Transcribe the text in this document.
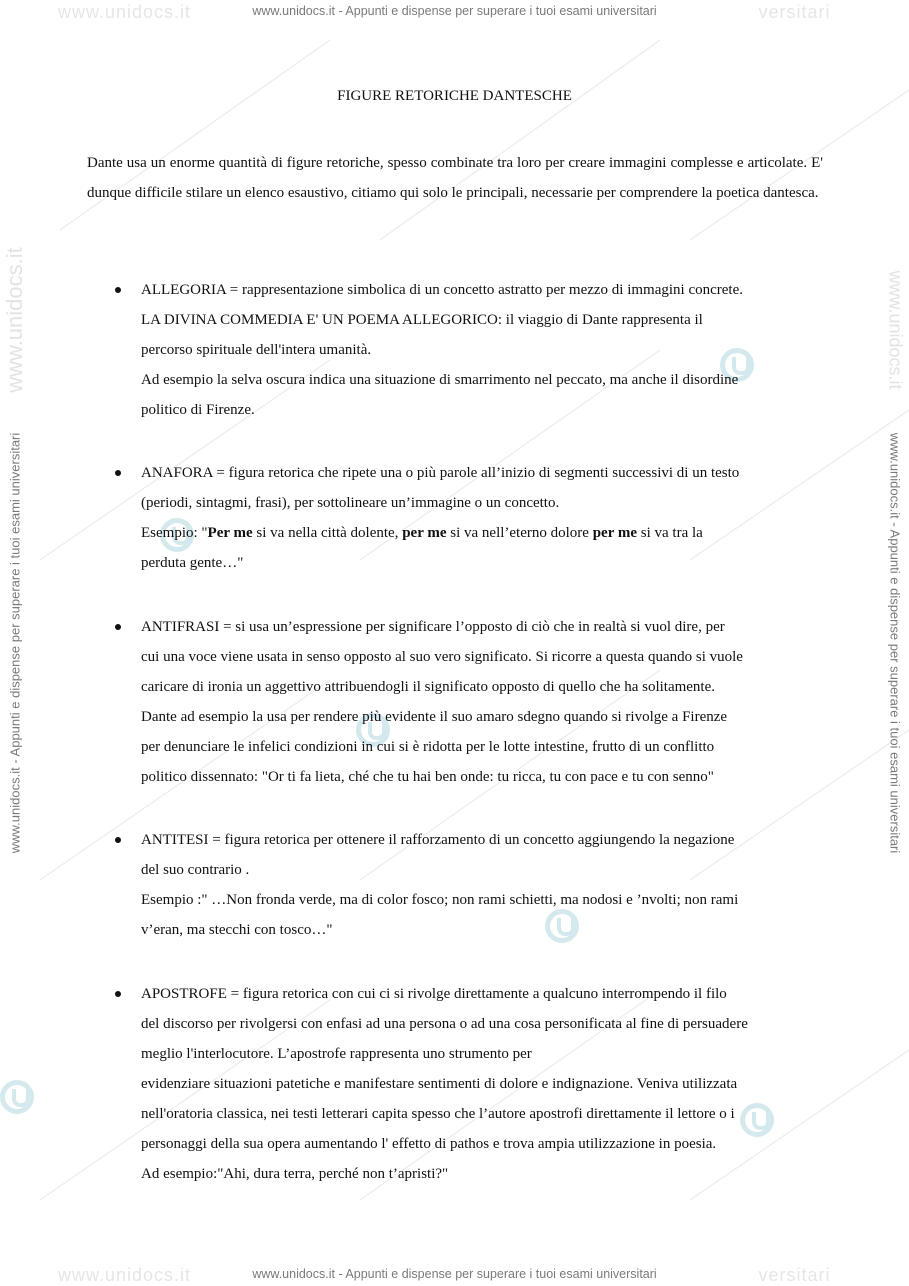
www.unidocs.it	versitari
www.unidocs.it - Appunti e dispense per superare i tuoi esami universitari
www.unidocs.it	versitari
www.unidocs.it - Appunti e dispense per superare i tuoi esami universitari
www.unidocs.it
www.unidocs.it - Appunti e dispense per superare i tuoi esami universitari
www.unidocs.it
www.unidocs.it - Appunti e dispense per superare i tuoi esami universitari
FIGURE RETORICHE DANTESCHE

Dante usa un enorme quantità di figure retoriche, spesso combinate tra loro per creare immagini complesse e articolate. E' dunque difficile stilare un elenco esaustivo, citiamo qui solo le principali, necessarie per comprendere la poetica dantesca.

ALLEGORIA = rappresentazione simbolica di un concetto astratto per mezzo di immagini concrete.

LA DIVINA COMMEDIA E' UN POEMA ALLEGORICO: il viaggio di Dante rappresenta il

percorso spirituale dell'intera umanità.

Ad esempio la selva oscura indica una situazione di smarrimento nel peccato, ma anche il disordine

politico di Firenze.

ANAFORA = figura retorica che ripete una o più parole all’inizio di segmenti successivi di un testo

(periodi, sintagmi, frasi), per sottolineare un’immagine o un concetto.

Esempio: "Per me si va nella città dolente, per me si va nell’eterno dolore per me si va tra la

perduta gente…"

ANTIFRASI = si usa un’espressione per significare l’opposto di ciò che in realtà si vuol dire, per

cui una voce viene usata in senso opposto al suo vero significato. Si ricorre a questa quando si vuole

caricare di ironia un aggettivo attribuendogli il significato opposto di quello che ha solitamente.

Dante ad esempio la usa per rendere più evidente il suo amaro sdegno quando si rivolge a Firenze

per denunciare le infelici condizioni in cui si è ridotta per le lotte intestine, frutto di un conflitto

politico dissennato: "Or ti fa lieta, ché che tu hai ben onde: tu ricca, tu con pace e tu con senno"

ANTITESI = figura retorica per ottenere il rafforzamento di un concetto aggiungendo la negazione

del suo contrario .

Esempio :" …Non fronda verde, ma di color fosco; non rami schietti, ma nodosi e ’nvolti; non rami

v’eran, ma stecchi con tosco…"

APOSTROFE = figura retorica con cui ci si rivolge direttamente a qualcuno interrompendo il filo

del discorso per rivolgersi con enfasi ad una persona o ad una cosa personificata al fine di persuadere

meglio l'interlocutore. L’apostrofe rappresenta uno strumento per

evidenziare situazioni patetiche e manifestare sentimenti di dolore e indignazione. Veniva utilizzata

nell'oratoria classica, nei testi letterari capita spesso che l’autore apostrofi direttamente il lettore o i

personaggi della sua opera aumentando l' effetto di pathos e trova ampia utilizzazione in poesia.

Ad esempio:"Ahi, dura terra, perché non t’apristi?"
